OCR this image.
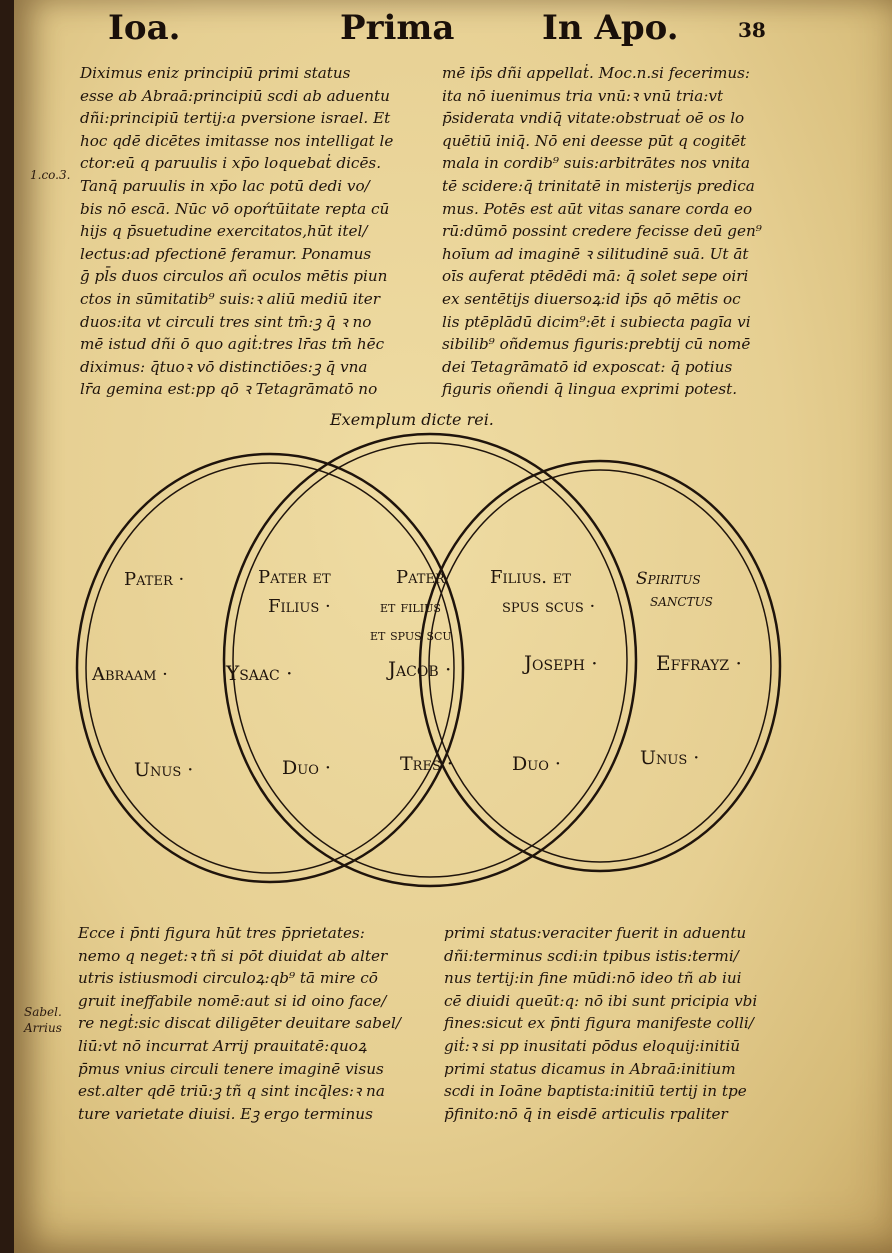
Ioa.	Prima	In Apo.	38
Diximus eniz principiū primi status
esse ab Abraā:principiū scdi ab aduentu
dñi:principiū tertij:a pversione israel. Et
hoc qdē dicētes imitasse nos intelligat le
ctor:eū q paruulis i xp̄o loquebaṫ dicēs.
Tanq̄ paruulis in xp̄o lac potū dedi vo/
bis nō escā. Nūc vō opoŕtūitate repta cū
hijs q p̄suetudine exercitatos,hūt itel/
lectus:ad pfectionē feramur. Ponamus
ḡ pl̄s duos circulos añ oculos mētis piun
ctos in sūmitatib⁹ suis:ꝛ aliū mediū iter
duos:ita vt circuli tres sint tm̄:ꝫ q̄ ꝛ no
mē istud dñi ō quo agiṫ:tres lr̄as tm̄ hēc
diximus: q̄tuoꝛ vō distinctiōes:ꝫ q̄ vna
lr̄a gemina est:pp qō ꝛ Tetagrāmatō no
mē ip̄s dñi appellaṫ. Moc.n.si fecerimus:
ita nō iuenimus tria vnū:ꝛ vnū tria:vt
p̄siderata vndiq̄ vitate:obstruaṫ oē os lo
quētiū iniq̄. Nō eni deesse pūt q cogitēt
mala in cordib⁹ suis:arbitrātes nos vnita
tē scidere:q̄ trinitatē in misterijs predica
mus. Potēs est aūt vitas sanare corda eo
rū:dūmō possint credere fecisse deū gen⁹
hoīum ad imaginē ꝛ silitudinē suā. Ut āt
oīs auferat ptēdēdi mā: q̄ solet sepe oiri
ex sentētijs diuersoꝝ:id ip̄s qō mētis oc
lis ptēplādū dicim⁹:ēt i subiecta pagīa vi
sibilib⁹ oñdemus figuris:prebtij cū nomē
dei Tetagrāmatō id exposcat: q̄ potius
figuris oñendi q̄ lingua exprimi potest.
1.co.3.
Exemplum dicte rei.
Pater ·	Pater et	Pater	Filius. et	Spiritus
Filius ·	et filius	spus scus ·	sanctus
et spus scu
Abraam ·	Ysaac ·	Jacob ·	Joseph ·	Effrayz ·
Unus ·	Duo ·	Tres ·	Duo ·	Unus ·
Ecce i p̄nti figura hūt tres p̄prietates:
nemo q neget:ꝛ tñ si pōt diuidat ab alter
utris istiusmodi circuloꝝ:qb⁹ tā mire cō
gruit ineffabile nomē:aut si id oino face/
re negṫ:sic discat diligēter deuitare sabel/
liū:vt nō incurrat Arrij prauitatē:quoꝝ
p̄mus vnius circuli tenere imaginē visus
est.alter qdē triū:ꝫ tñ q sint incq̄les:ꝛ na
ture varietate diuisi. Eꝫ ergo terminus
primi status:veraciter fuerit in aduentu
dñi:terminus scdi:in tpibus istis:termi/
nus tertij:in fine mūdi:nō ideo tñ ab iui
cē diuidi queūt:q: nō ibi sunt pricipia vbi
fines:sicut ex p̄nti figura manifeste colli/
giṫ:ꝛ si pp inusitati pōdus eloquij:initiū
primi status dicamus in Abraā:initium
scdi in Ioāne baptista:initiū tertij in tpe
p̄finito:nō q̄ in eisdē articulis rpaliter
Sabel.
Arrius
